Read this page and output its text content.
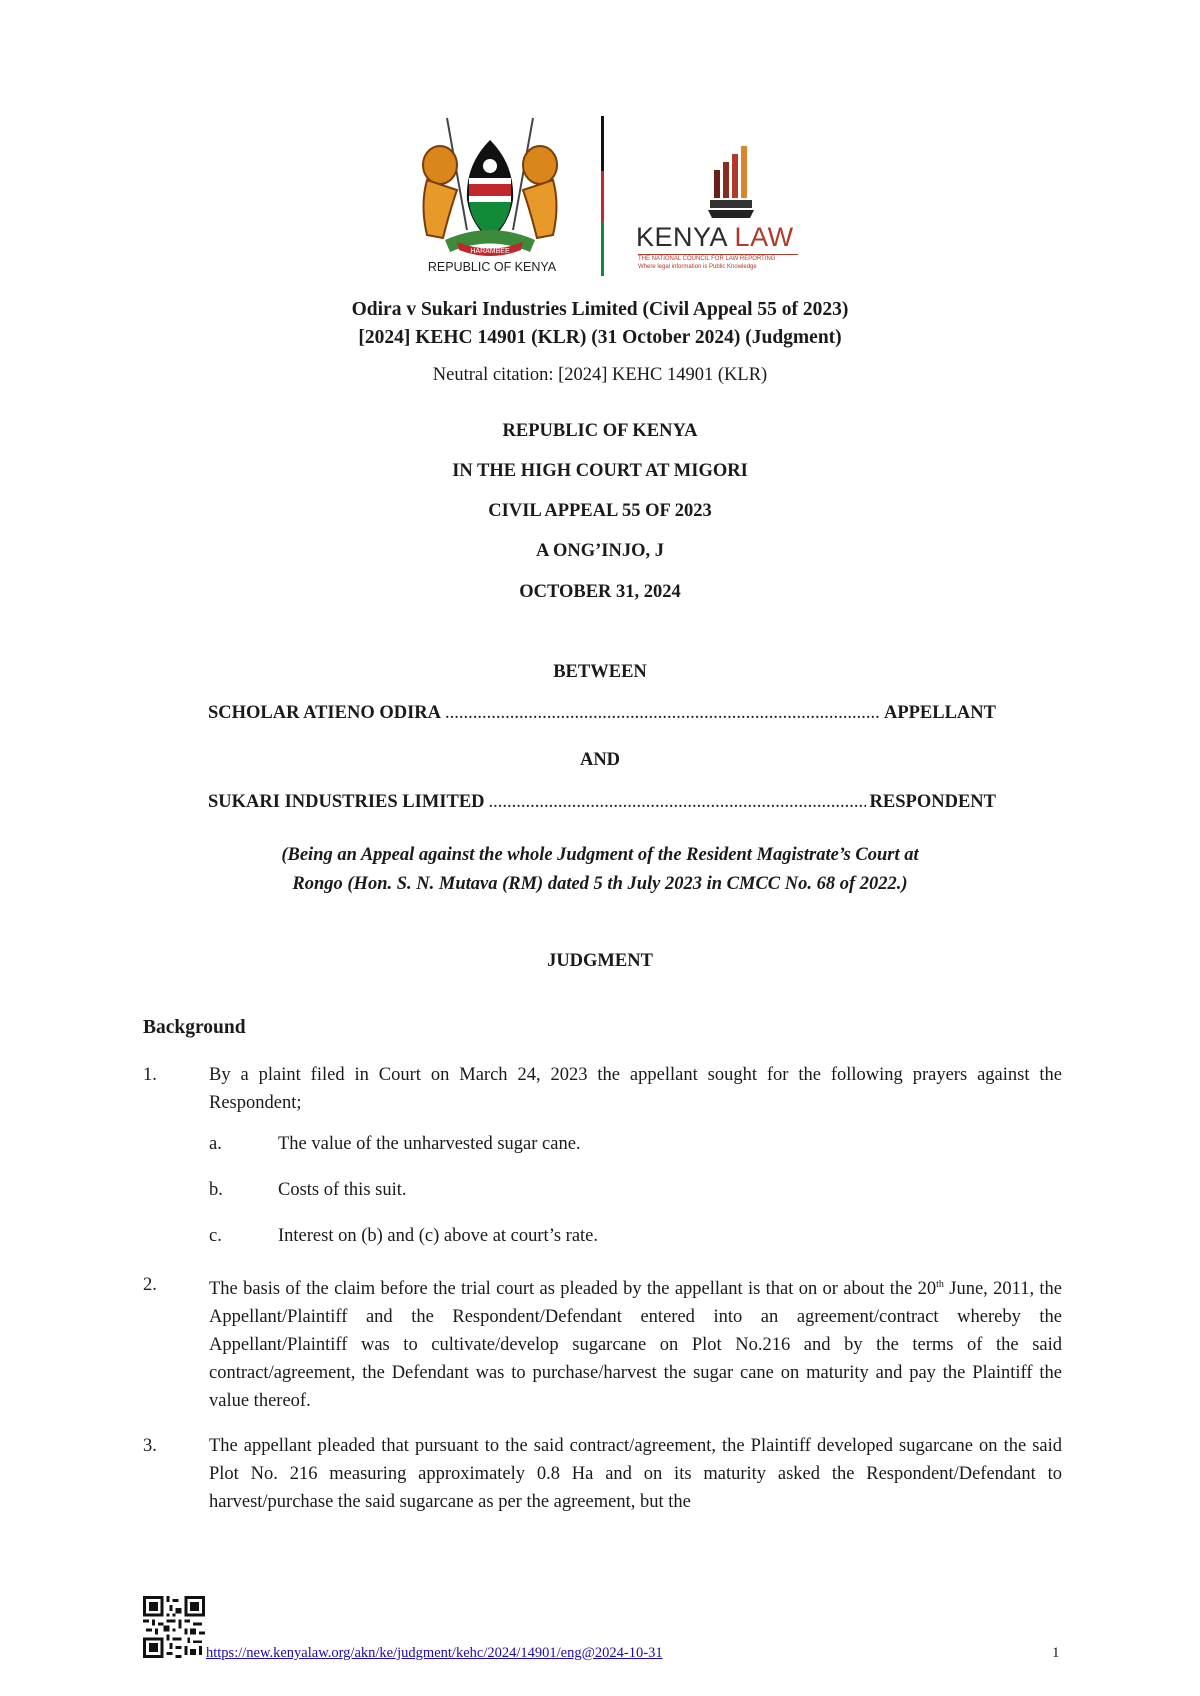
HARAMBEE
REPUBLIC OF KENYA
KENYA LAW
THE NATIONAL COUNCIL FOR LAW REPORTING
Where legal information is Public Knowledge
Odira v Sukari Industries Limited (Civil Appeal 55 of 2023)
[2024] KEHC 14901 (KLR) (31 October 2024) (Judgment)
Neutral citation: [2024] KEHC 14901 (KLR)
REPUBLIC OF KENYA
IN THE HIGH COURT AT MIGORI
CIVIL APPEAL 55 OF 2023
A ONG’INJO, J
OCTOBER 31, 2024
BETWEEN
SCHOLAR ATIENO ODIRA .....	APPELLANT
AND
SUKARI INDUSTRIES LIMITED .....	RESPONDENT
(Being an Appeal against the whole Judgment of the Resident Magistrate’s Court at
Rongo (Hon. S. N. Mutava (RM) dated 5 th July 2023 in CMCC No. 68 of 2022.)
JUDGMENT
Background
1.	By a plaint filed in Court on March 24, 2023 the appellant sought for the following prayers against the Respondent;
a.	The value of the unharvested sugar cane.
b.	Costs of this suit.
c.	Interest on (b) and (c) above at court’s rate.
2.	The basis of the claim before the trial court as pleaded by the appellant is that on or about the 20th June, 2011, the Appellant/Plaintiff and the Respondent/Defendant entered into an agreement/contract whereby the Appellant/Plaintiff was to cultivate/develop sugarcane on Plot No.216 and by the terms of the said contract/agreement, the Defendant was to purchase/harvest the sugar cane on maturity and pay the Plaintiff the value thereof.
3.	The appellant pleaded that pursuant to the said contract/agreement, the Plaintiff developed sugarcane on the said Plot No. 216 measuring approximately 0.8 Ha and on its maturity asked the Respondent/Defendant to harvest/purchase the said sugarcane as per the agreement, but the
https://new.kenyalaw.org/akn/ke/judgment/kehc/2024/14901/eng@2024-10-31	1
